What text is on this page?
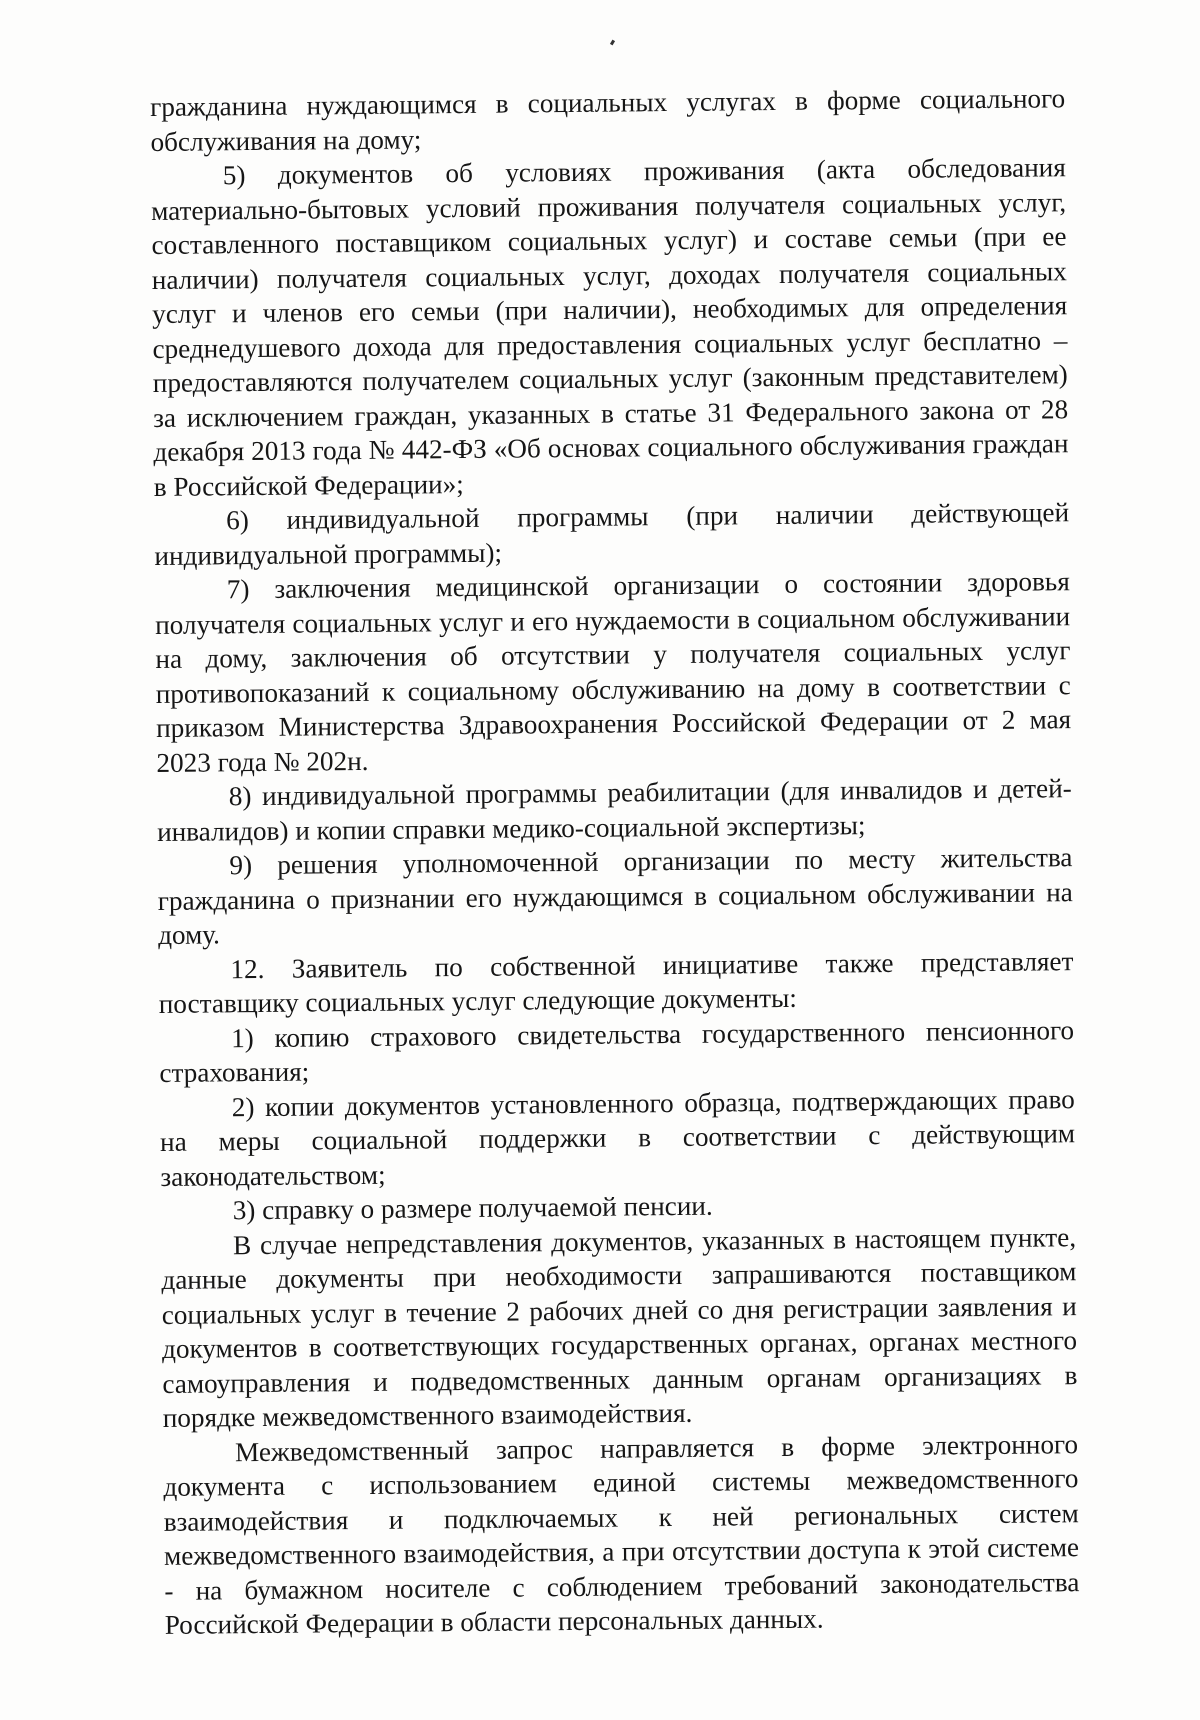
гражданина нуждающимся в социальных услугах в форме социального обслуживания на дому;

5) документов об условиях проживания (акта обследования материально-бытовых условий проживания получателя социальных услуг, составленного поставщиком социальных услуг) и составе семьи (при ее наличии) получателя социальных услуг, доходах получателя социальных услуг и членов его семьи (при наличии), необходимых для определения среднедушевого дохода для предоставления социальных услуг бесплатно – предоставляются получателем социальных услуг (законным представителем) за исключением граждан, указанных в статье 31 Федерального закона от 28 декабря 2013 года № 442-ФЗ «Об основах социального обслуживания граждан в Российской Федерации»;

6) индивидуальной программы (при наличии действующей индивидуальной программы);

7) заключения медицинской организации о состоянии здоровья получателя социальных услуг и его нуждаемости в социальном обслуживании на дому, заключения об отсутствии у получателя социальных услуг противопоказаний к социальному обслуживанию на дому в соответствии с приказом Министерства Здравоохранения Российской Федерации от 2 мая 2023 года № 202н.

8) индивидуальной программы реабилитации (для инвалидов и детей-инвалидов) и копии справки медико-социальной экспертизы;

9) решения уполномоченной организации по месту жительства гражданина о признании его нуждающимся в социальном обслуживании на дому.

12. Заявитель по собственной инициативе также представляет поставщику социальных услуг следующие документы:

1) копию страхового свидетельства государственного пенсионного страхования;

2) копии документов установленного образца, подтверждающих право на меры социальной поддержки в соответствии с действующим законодательством;

3) справку о размере получаемой пенсии.

В случае непредставления документов, указанных в настоящем пункте, данные документы при необходимости запрашиваются поставщиком социальных услуг в течение 2 рабочих дней со дня регистрации заявления и документов в соответствующих государственных органах, органах местного самоуправления и подведомственных данным органам организациях в порядке межведомственного взаимодействия.

Межведомственный запрос направляется в форме электронного документа с использованием единой системы межведомственного взаимодействия и подключаемых к ней региональных систем межведомственного взаимодействия, а при отсутствии доступа к этой системе - на бумажном носителе с соблюдением требований законодательства Российской Федерации в области персональных данных.
